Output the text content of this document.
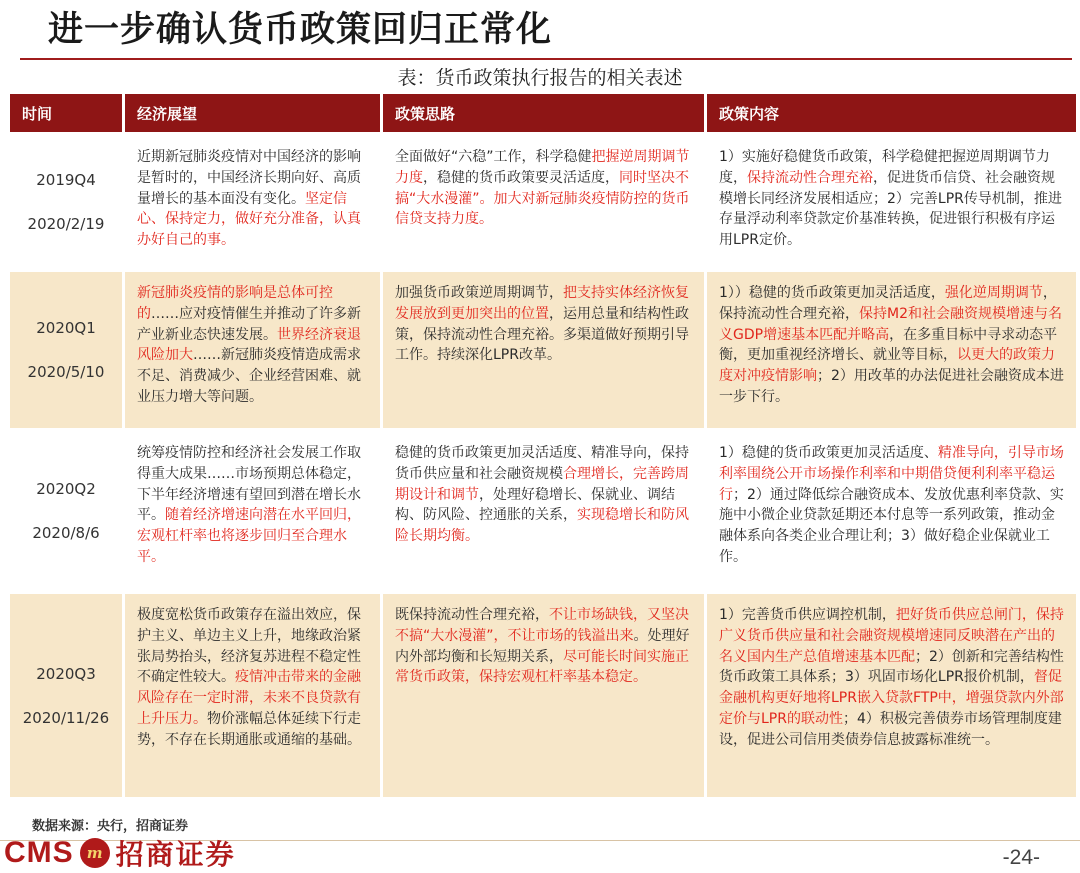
进一步确认货币政策回归正常化
表：货币政策执行报告的相关表述
时间	经济展望	政策思路	政策内容

2019Q4
2020/2/19	近期新冠肺炎疫情对中国经济的影响是暂时的，中国经济长期向好、高质量增长的基本面没有变化。坚定信心、保持定力，做好充分准备，认真办好自己的事。	全面做好“六稳”工作，科学稳健把握逆周期调节力度，稳健的货币政策要灵活适度，同时坚决不搞“大水漫灌”。加大对新冠肺炎疫情防控的货币信贷支持力度。	1）实施好稳健货币政策，科学稳健把握逆周期调节力度，保持流动性合理充裕，促进货币信贷、社会融资规模增长同经济发展相适应；2）完善LPR传导机制，推进存量浮动利率贷款定价基准转换，促进银行积极有序运用LPR定价。

2020Q1
2020/5/10	新冠肺炎疫情的影响是总体可控的……应对疫情催生并推动了许多新产业新业态快速发展。世界经济衰退风险加大……新冠肺炎疫情造成需求不足、消费减少、企业经营困难、就业压力增大等问题。	加强货币政策逆周期调节，把支持实体经济恢复发展放到更加突出的位置，运用总量和结构性政策，保持流动性合理充裕。多渠道做好预期引导工作。持续深化LPR改革。	1））稳健的货币政策更加灵活适度，强化逆周期调节，保持流动性合理充裕，保持M2和社会融资规模增速与名义GDP增速基本匹配并略高，在多重目标中寻求动态平衡，更加重视经济增长、就业等目标，以更大的政策力度对冲疫情影响；2）用改革的办法促进社会融资成本进一步下行。

2020Q2
2020/8/6	统筹疫情防控和经济社会发展工作取得重大成果……市场预期总体稳定，下半年经济增速有望回到潜在增长水平。随着经济增速向潜在水平回归，宏观杠杆率也将逐步回归至合理水平。	稳健的货币政策更加灵活适度、精准导向，保持货币供应量和社会融资规模合理增长，完善跨周期设计和调节，处理好稳增长、保就业、调结构、防风险、控通胀的关系，实现稳增长和防风险长期均衡。	1）稳健的货币政策更加灵活适度、精准导向，引导市场利率围绕公开市场操作利率和中期借贷便利利率平稳运行；2）通过降低综合融资成本、发放优惠利率贷款、实施中小微企业贷款延期还本付息等一系列政策，推动金融体系向各类企业合理让利；3）做好稳企业保就业工作。

2020Q3
2020/11/26	极度宽松货币政策存在溢出效应，保护主义、单边主义上升，地缘政治紧张局势抬头，经济复苏进程不稳定性不确定性较大。疫情冲击带来的金融风险存在一定时滞，未来不良贷款有上升压力。物价涨幅总体延续下行走势，不存在长期通胀或通缩的基础。	既保持流动性合理充裕，不让市场缺钱，又坚决不搞“大水漫灌”，不让市场的钱溢出来。处理好内外部均衡和长短期关系，尽可能长时间实施正常货币政策，保持宏观杠杆率基本稳定。	1）完善货币供应调控机制，把好货币供应总闸门，保持广义货币供应量和社会融资规模增速同反映潜在产出的名义国内生产总值增速基本匹配；2）创新和完善结构性货币政策工具体系；3）巩固市场化LPR报价机制，督促金融机构更好地将LPR嵌入贷款FTP中，增强贷款内外部定价与LPR的联动性；4）积极完善债券市场管理制度建设，促进公司信用类债券信息披露标准统一。
数据来源：央行，招商证券
CMS m 招商证券	-24-
